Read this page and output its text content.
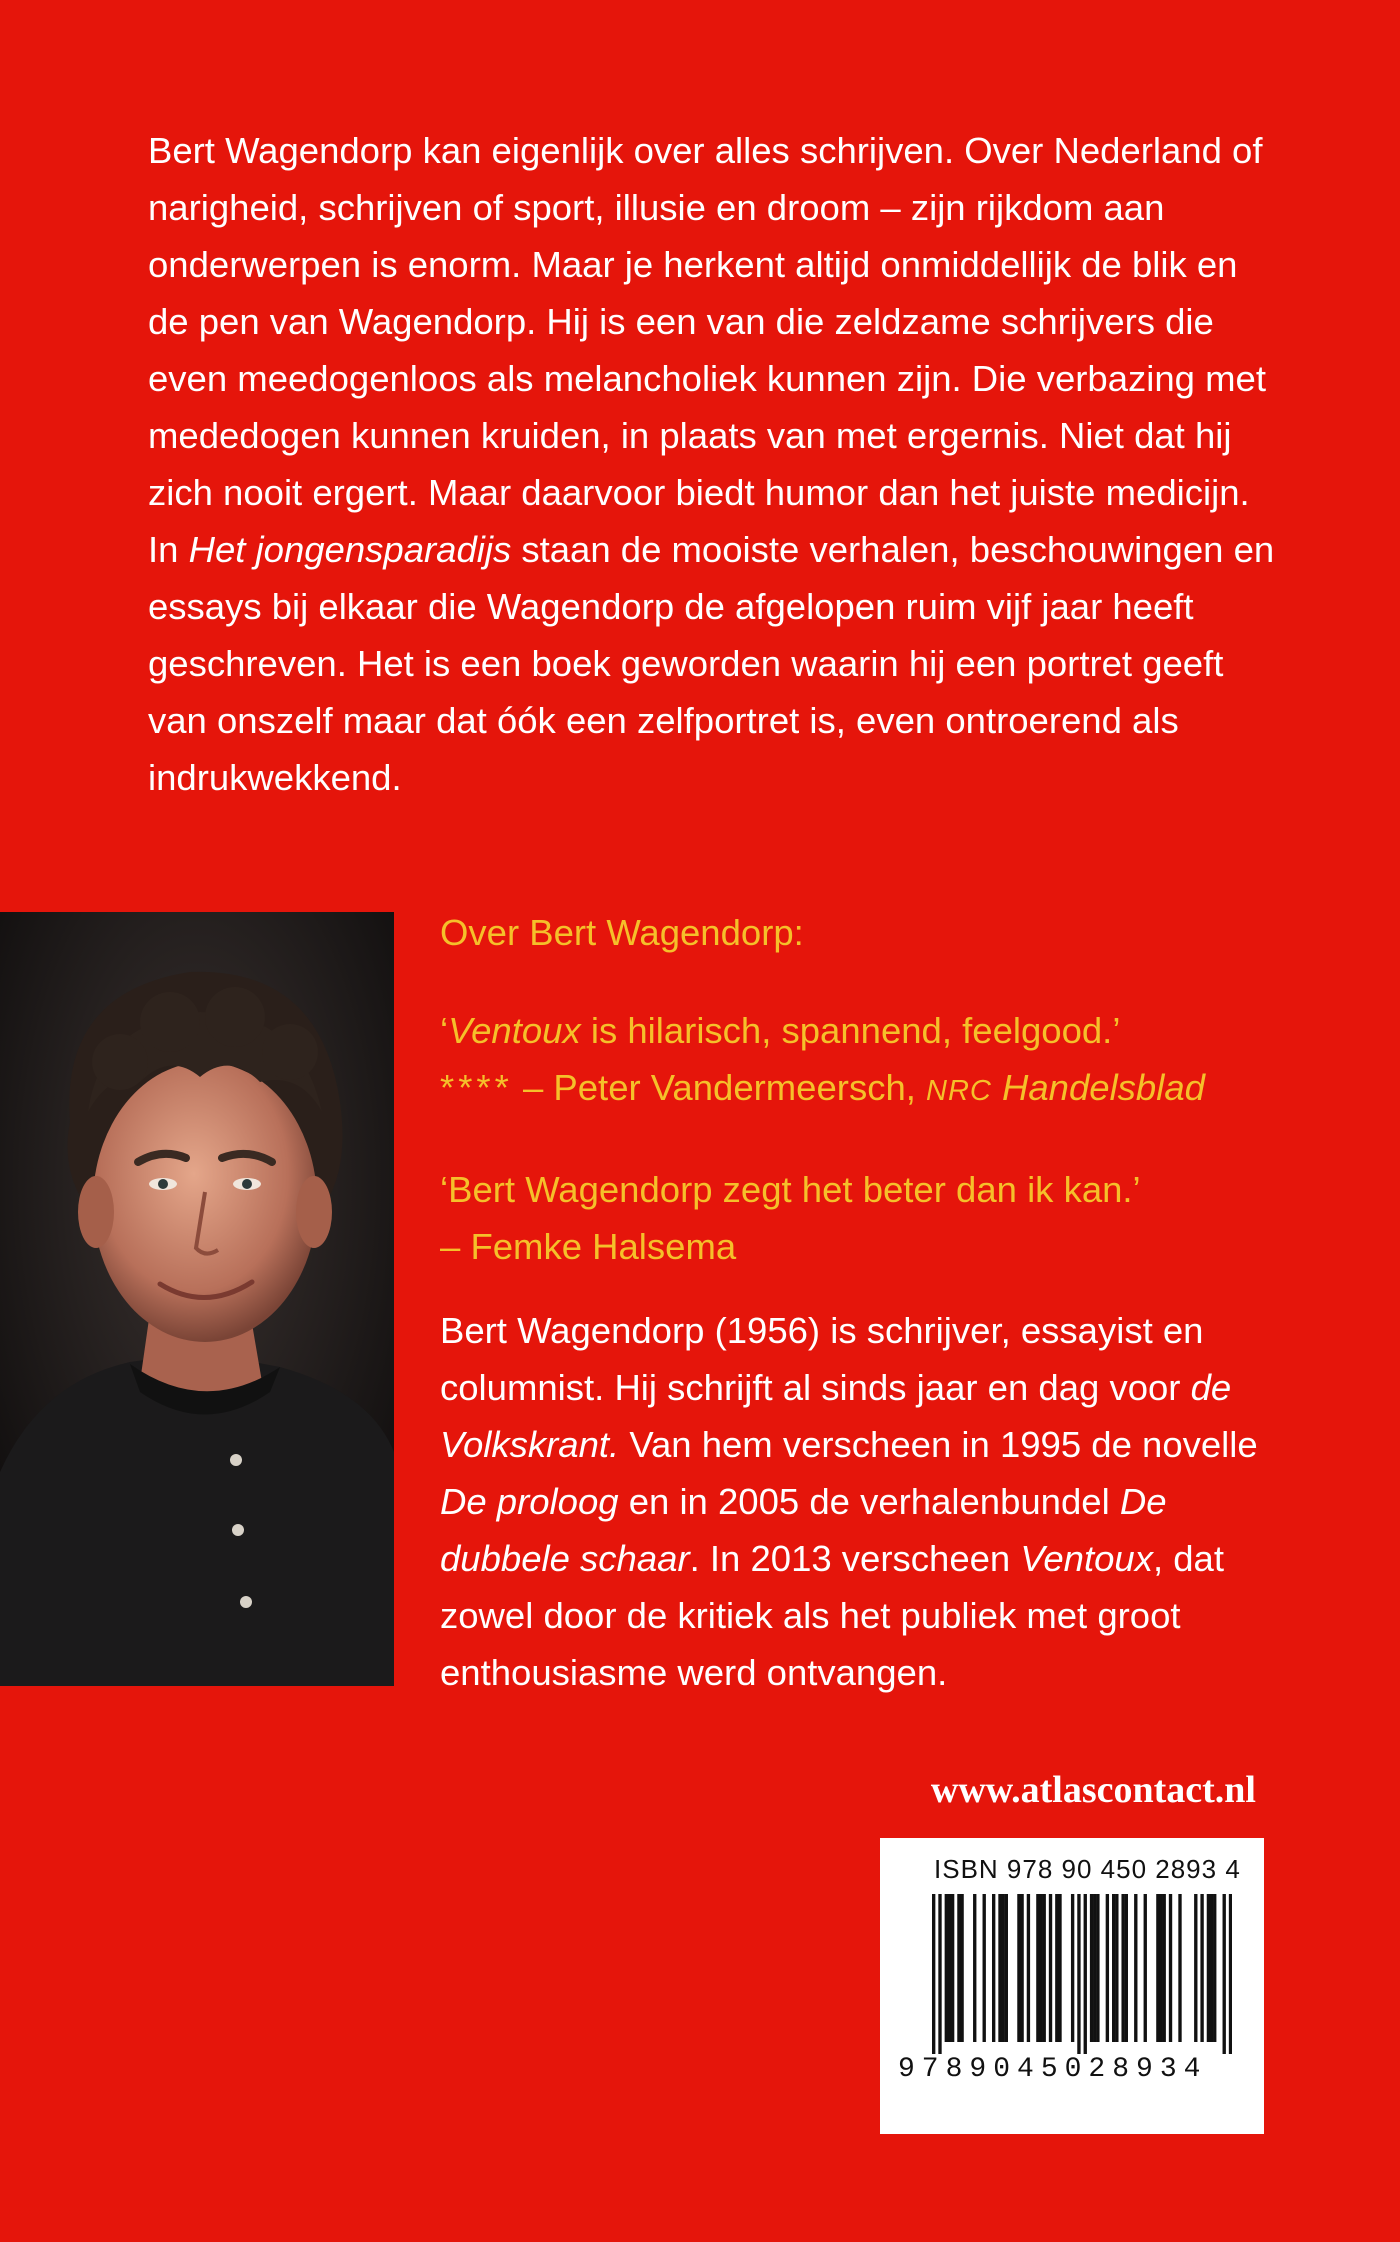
Bert Wagendorp kan eigenlijk over alles schrijven. Over Nederland of narigheid, schrijven of sport, illusie en droom – zijn rijkdom aan onderwerpen is enorm. Maar je herkent altijd onmiddellijk de blik en de pen van Wagendorp. Hij is een van die zeldzame schrijvers die even meedogenloos als melancholiek kunnen zijn. Die verbazing met mededogen kunnen kruiden, in plaats van met ergernis. Niet dat hij zich nooit ergert. Maar daarvoor biedt humor dan het juiste medicijn.

In Het jongensparadijs staan de mooiste verhalen, beschouwingen en essays bij elkaar die Wagendorp de afgelopen ruim vijf jaar heeft geschreven. Het is een boek geworden waarin hij een portret geeft van onszelf maar dat óók een zelfportret is, even ontroerend als indrukwekkend.

Over Bert Wagendorp:
‘Ventoux is hilarisch, spannend, feelgood.’
**** – Peter Vandermeersch, NRC Handelsblad
‘Bert Wagendorp zegt het beter dan ik kan.’
– Femke Halsema
Bert Wagendorp (1956) is schrijver, essayist en columnist. Hij schrijft al sinds jaar en dag voor de Volkskrant. Van hem verscheen in 1995 de novelle De proloog en in 2005 de verhalenbundel De dubbele schaar. In 2013 verscheen Ventoux, dat zowel door de kritiek als het publiek met groot enthousiasme werd ontvangen.
www.atlascontact.nl
ISBN 978 90 450 2893 4
9789045028934
